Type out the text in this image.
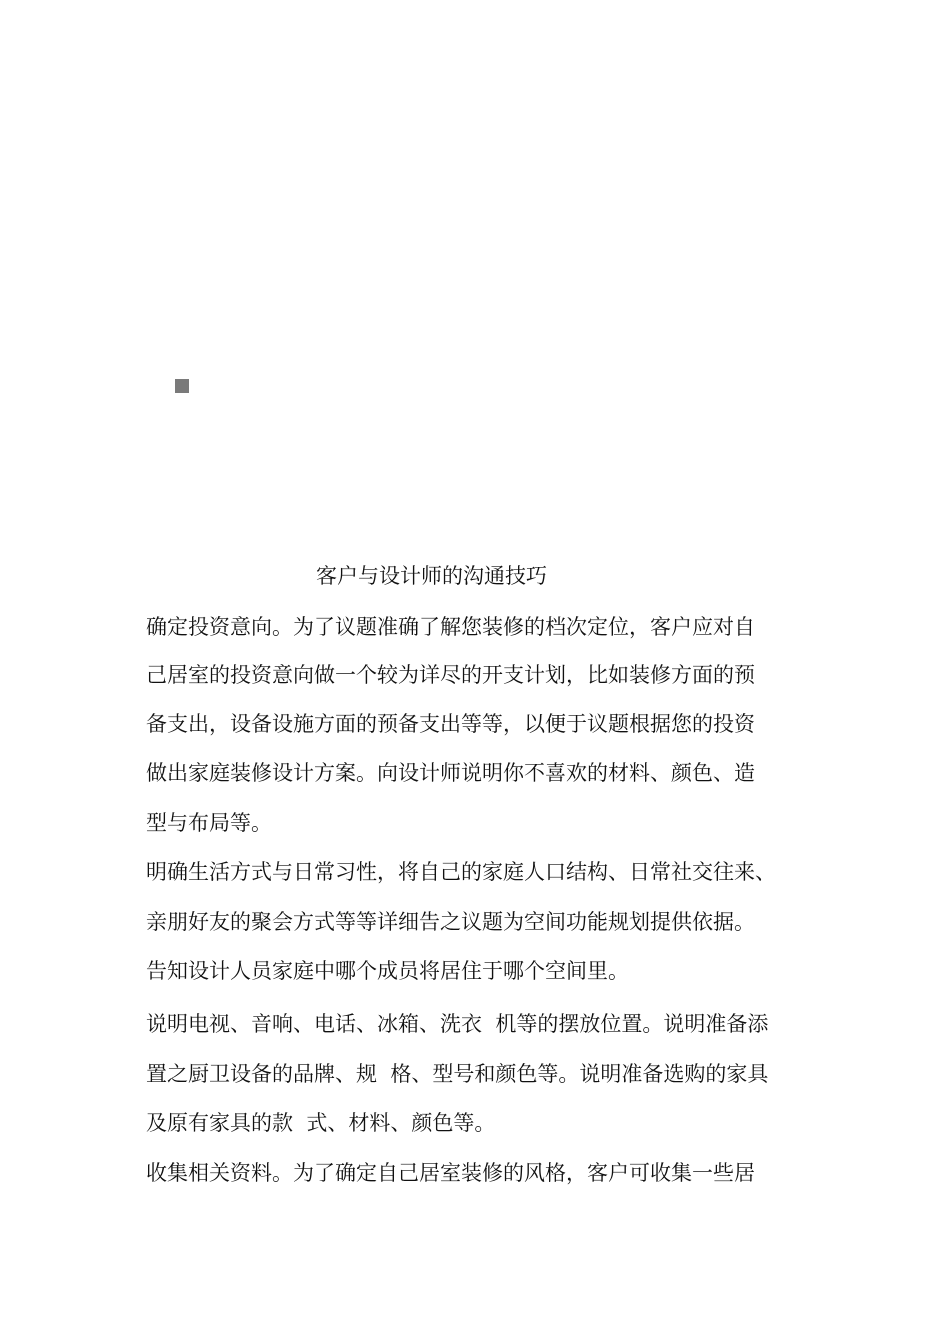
客户与设计师的沟通技巧
确定投资意向。为了议题准确了解您装修的档次定位，客户应对自
己居室的投资意向做一个较为详尽的开支计划，比如装修方面的预
备支出，设备设施方面的预备支出等等，以便于议题根据您的投资
做出家庭装修设计方案。向设计师说明你不喜欢的材料、颜色、造
型与布局等。
明确生活方式与日常习性，将自己的家庭人口结构、日常社交往来、
亲朋好友的聚会方式等等详细告之议题为空间功能规划提供依据。
告知设计人员家庭中哪个成员将居住于哪个空间里。
说明电视、音响、电话、冰箱、洗衣  机等的摆放位置。说明准备添
置之厨卫设备的品牌、规  格、型号和颜色等。说明准备选购的家具
及原有家具的款  式、材料、颜色等。
收集相关资料。为了确定自己居室装修的风格，客户可收集一些居
